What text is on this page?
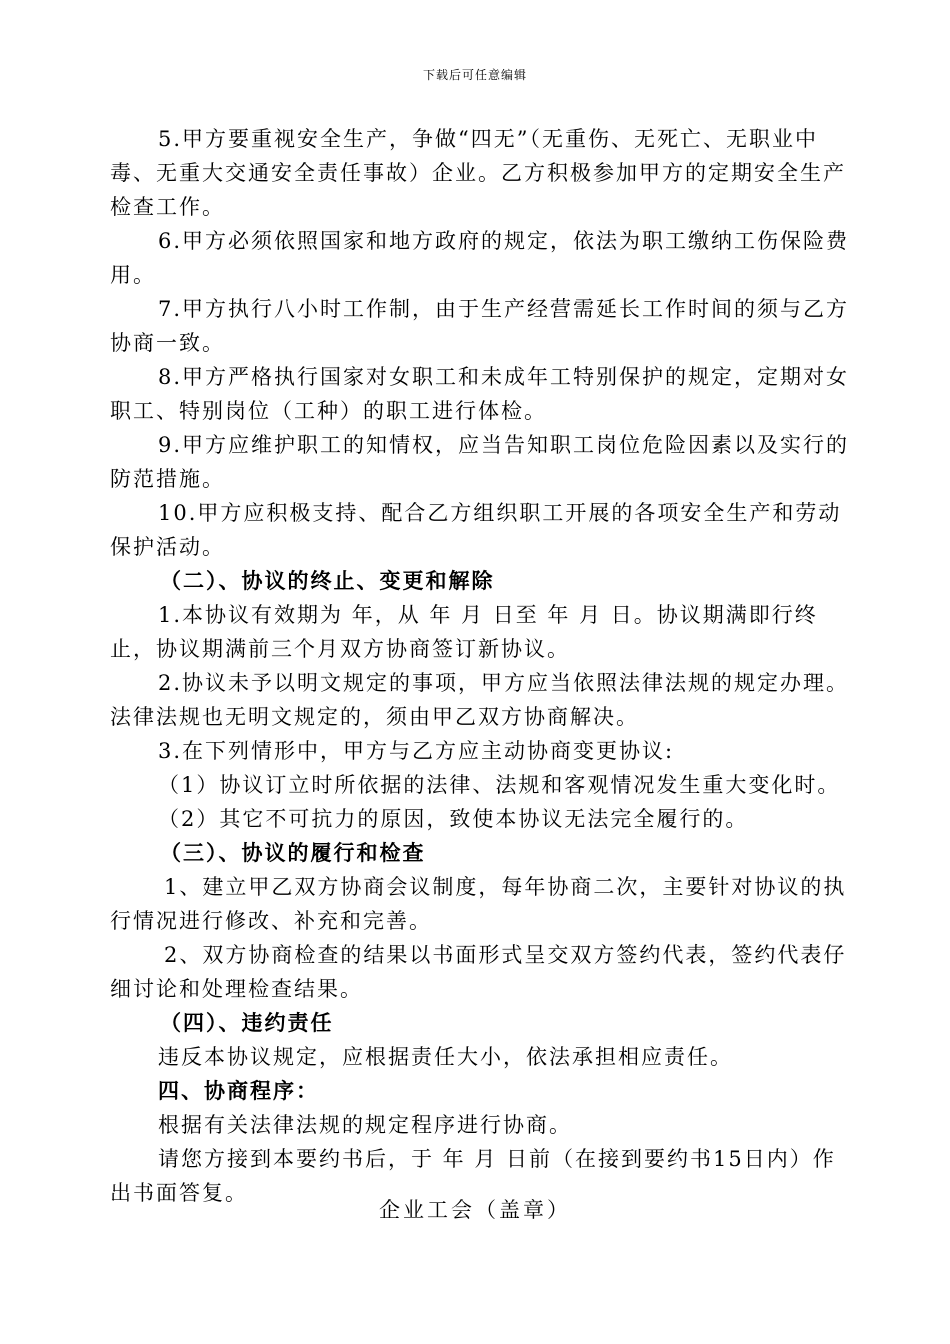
下载后可任意编辑

5.甲方要重视安全生产，争做“四无”（无重伤、无死亡、无职业中毒、无重大交通安全责任事故）企业。乙方积极参加甲方的定期安全生产检查工作。

6.甲方必须依照国家和地方政府的规定，依法为职工缴纳工伤保险费用。

7.甲方执行八小时工作制，由于生产经营需延长工作时间的须与乙方协商一致。

8.甲方严格执行国家对女职工和未成年工特别保护的规定，定期对女职工、特别岗位（工种）的职工进行体检。

9.甲方应维护职工的知情权，应当告知职工岗位危险因素以及实行的防范措施。

10.甲方应积极支持、配合乙方组织职工开展的各项安全生产和劳动保护活动。

（二）、协议的终止、变更和解除

1.本协议有效期为 年，从 年 月 日至 年 月 日。协议期满即行终止，协议期满前三个月双方协商签订新协议。

2.协议未予以明文规定的事项，甲方应当依照法律法规的规定办理。法律法规也无明文规定的，须由甲乙双方协商解决。

3.在下列情形中，甲方与乙方应主动协商变更协议:

（1）协议订立时所依据的法律、法规和客观情况发生重大变化时。

（2）其它不可抗力的原因，致使本协议无法完全履行的。

（三）、协议的履行和检查

1、建立甲乙双方协商会议制度，每年协商二次，主要针对协议的执行情况进行修改、补充和完善。

2、双方协商检查的结果以书面形式呈交双方签约代表，签约代表仔细讨论和处理检查结果。

（四）、违约责任

违反本协议规定，应根据责任大小，依法承担相应责任。

四、协商程序：

根据有关法律法规的规定程序进行协商。

请您方接到本要约书后，于 年 月 日前（在接到要约书15日内）作出书面答复。

企业工会（盖章）
